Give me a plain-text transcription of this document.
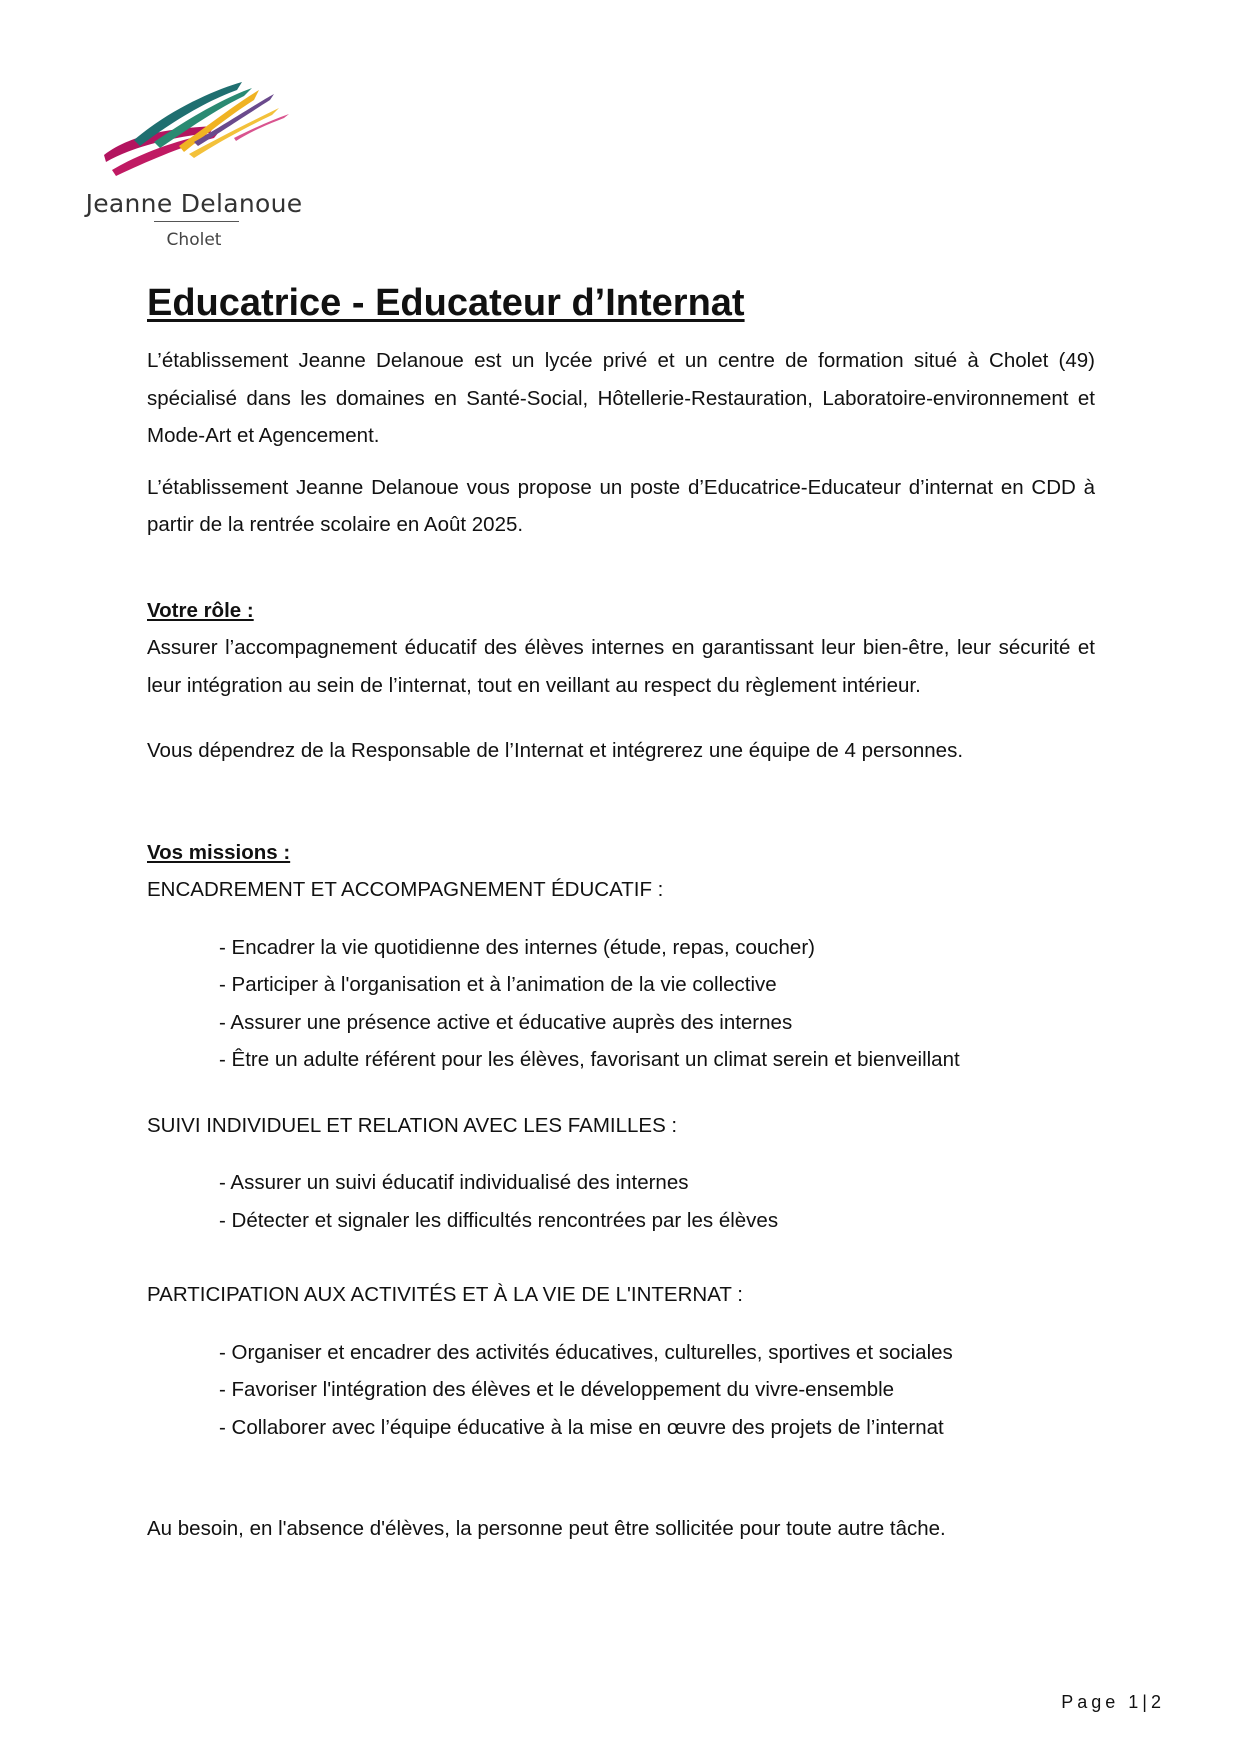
Jeanne Delanoue
Cholet
Educatrice - Educateur d’Internat

L’établissement Jeanne Delanoue est un lycée privé et un centre de formation situé à Cholet (49) spécialisé dans les domaines en Santé-Social, Hôtellerie-Restauration, Laboratoire-environnement et Mode-Art et Agencement.

L’établissement Jeanne Delanoue vous propose un poste d’Educatrice-Educateur d’internat en CDD à partir de la rentrée scolaire en Août 2025.

Votre rôle :

Assurer l’accompagnement éducatif des élèves internes en garantissant leur bien-être, leur sécurité et leur intégration au sein de l’internat, tout en veillant au respect du règlement intérieur.

Vous dépendrez de la Responsable de l’Internat et intégrerez une équipe de 4 personnes.

Vos missions :
ENCADREMENT ET ACCOMPAGNEMENT ÉDUCATIF :
- Encadrer la vie quotidienne des internes (étude, repas, coucher)
- Participer à l'organisation et à l’animation de la vie collective
- Assurer une présence active et éducative auprès des internes
- Être un adulte référent pour les élèves, favorisant un climat serein et bienveillant
SUIVI INDIVIDUEL ET RELATION AVEC LES FAMILLES :
- Assurer un suivi éducatif individualisé des internes
- Détecter et signaler les difficultés rencontrées par les élèves
PARTICIPATION AUX ACTIVITÉS ET À LA VIE DE L'INTERNAT :
- Organiser et encadrer des activités éducatives, culturelles, sportives et sociales
- Favoriser l'intégration des élèves et le développement du vivre-ensemble
- Collaborer avec l’équipe éducative à la mise en œuvre des projets de l’internat

Au besoin, en l'absence d'élèves, la personne peut être sollicitée pour toute autre tâche.

Page 1|2
